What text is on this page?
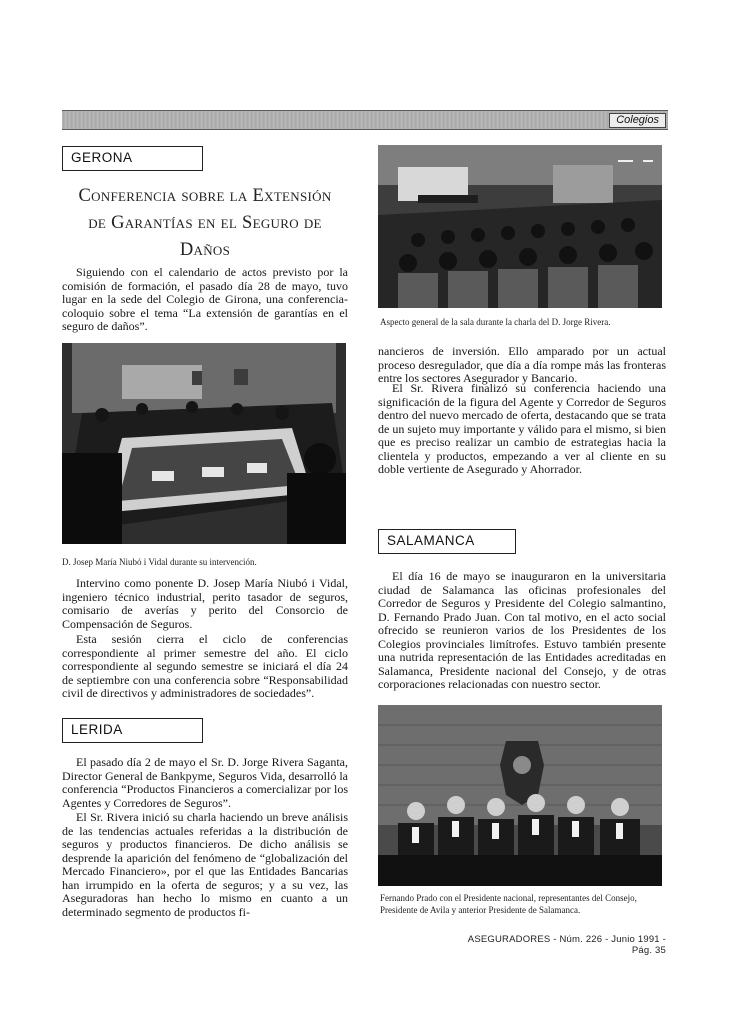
Colegios
GERONA
Conferencia sobre la Extensión
de Garantías en el Seguro de
Daños

Siguiendo con el calendario de actos previsto por la comisión de formación, el pasado día 28 de mayo, tuvo lugar en la sede del Colegio de Girona, una conferencia-coloquio sobre el tema “La extensión de garantías en el seguro de daños”.

D. Josep María Niubó i Vidal durante su intervención.

Intervino como ponente D. Josep María Niubó i Vidal, ingeniero técnico industrial, perito tasador de seguros, comisario de averías y perito del Consorcio de Compensación de Seguros.

Esta sesión cierra el ciclo de conferencias correspondiente al primer semestre del año. El ciclo correspondiente al segundo semestre se iniciará el día 24 de septiembre con una conferencia sobre “Responsabilidad civil de directivos y administradores de sociedades”.

LERIDA

El pasado día 2 de mayo el Sr. D. Jorge Rivera Saganta, Director General de Bankpyme, Seguros Vida, desarrolló la conferencia “Productos Financieros a comercializar por los Agentes y Corredores de Seguros”.

El Sr. Rivera inició su charla haciendo un breve análisis de las tendencias actuales referidas a la distribución de seguros y productos financieros. De dicho análisis se desprende la aparición del fenómeno de “globalización del Mercado Financiero», por el que las Entidades Bancarias han irrumpido en la oferta de seguros; y a su vez, las Aseguradoras han hecho lo mismo en cuanto a un determinado segmento de productos fi-

Aspecto general de la sala durante la charla del D. Jorge Rivera.

nancieros de inversión. Ello amparado por un actual proceso desregulador, que día a día rompe más las fronteras entre los sectores Asegurador y Bancario.

El Sr. Rivera finalizó su conferencia haciendo una significación de la figura del Agente y Corredor de Seguros dentro del nuevo mercado de oferta, destacando que se trata de un sujeto muy importante y válido para el mismo, si bien que es preciso realizar un cambio de estrategias hacia la clientela y productos, empezando a ver al cliente en su doble vertiente de Asegurado y Ahorrador.

SALAMANCA

El día 16 de mayo se inauguraron en la universitaria ciudad de Salamanca las oficinas profesionales del Corredor de Seguros y Presidente del Colegio salmantino, D. Fernando Prado Juan. Con tal motivo, en el acto social ofrecido se reunieron varios de los Presidentes de los Colegios provinciales limítrofes. Estuvo también presente una nutrida representación de las Entidades acreditadas en Salamanca, Presidente nacional del Consejo, y de otras corporaciones relacionadas con nuestro sector.

Fernando Prado con el Presidente nacional, representantes del Consejo, Presidente de Avila y anterior Presidente de Salamanca.
ASEGURADORES - Núm. 226 - Junio 1991 - Pág. 35
